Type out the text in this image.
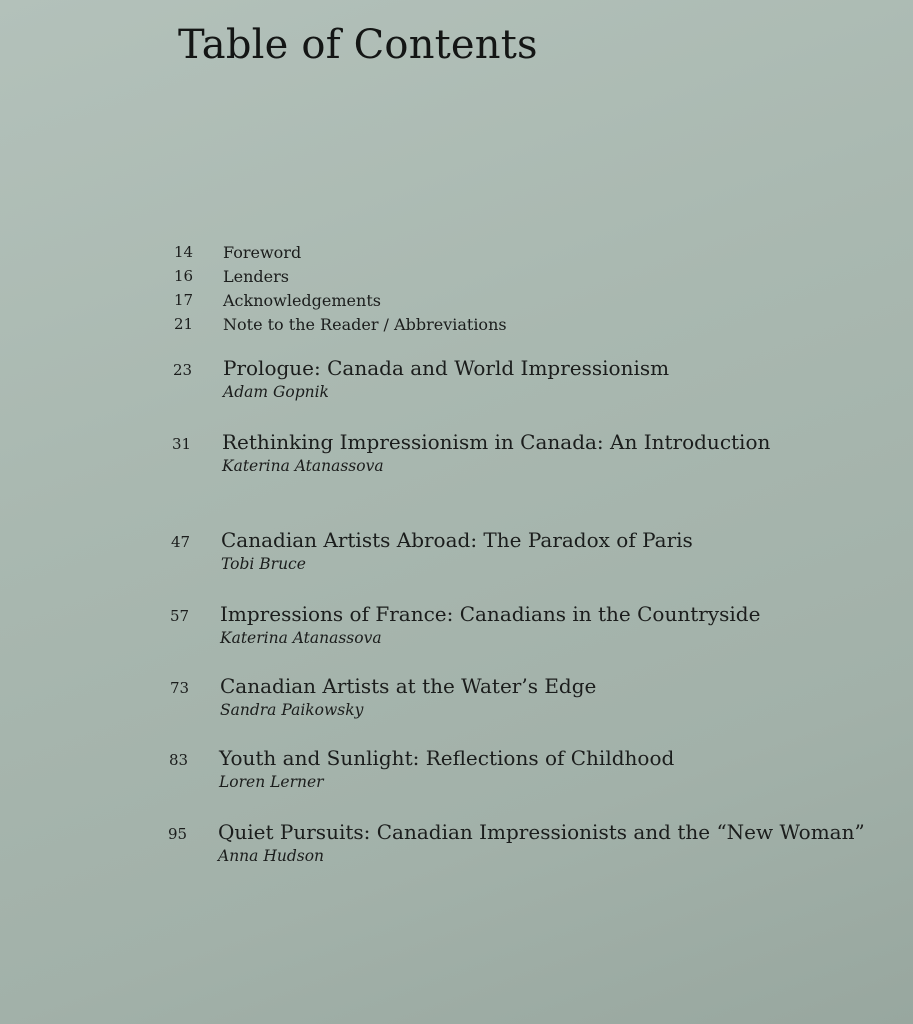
Table of Contents
14	Foreword
16	Lenders
17	Acknowledgements
21	Note to the Reader / Abbreviations
23	Prologue: Canada and World Impressionism
Adam Gopnik
31	Rethinking Impressionism in Canada: An Introduction
Katerina Atanassova
47	Canadian Artists Abroad: The Paradox of Paris
Tobi Bruce
57	Impressions of France: Canadians in the Countryside
Katerina Atanassova
73	Canadian Artists at the Water’s Edge
Sandra Paikowsky
83	Youth and Sunlight: Reflections of Childhood
Loren Lerner
95	Quiet Pursuits: Canadian Impressionists and the “New Woman”
Anna Hudson
